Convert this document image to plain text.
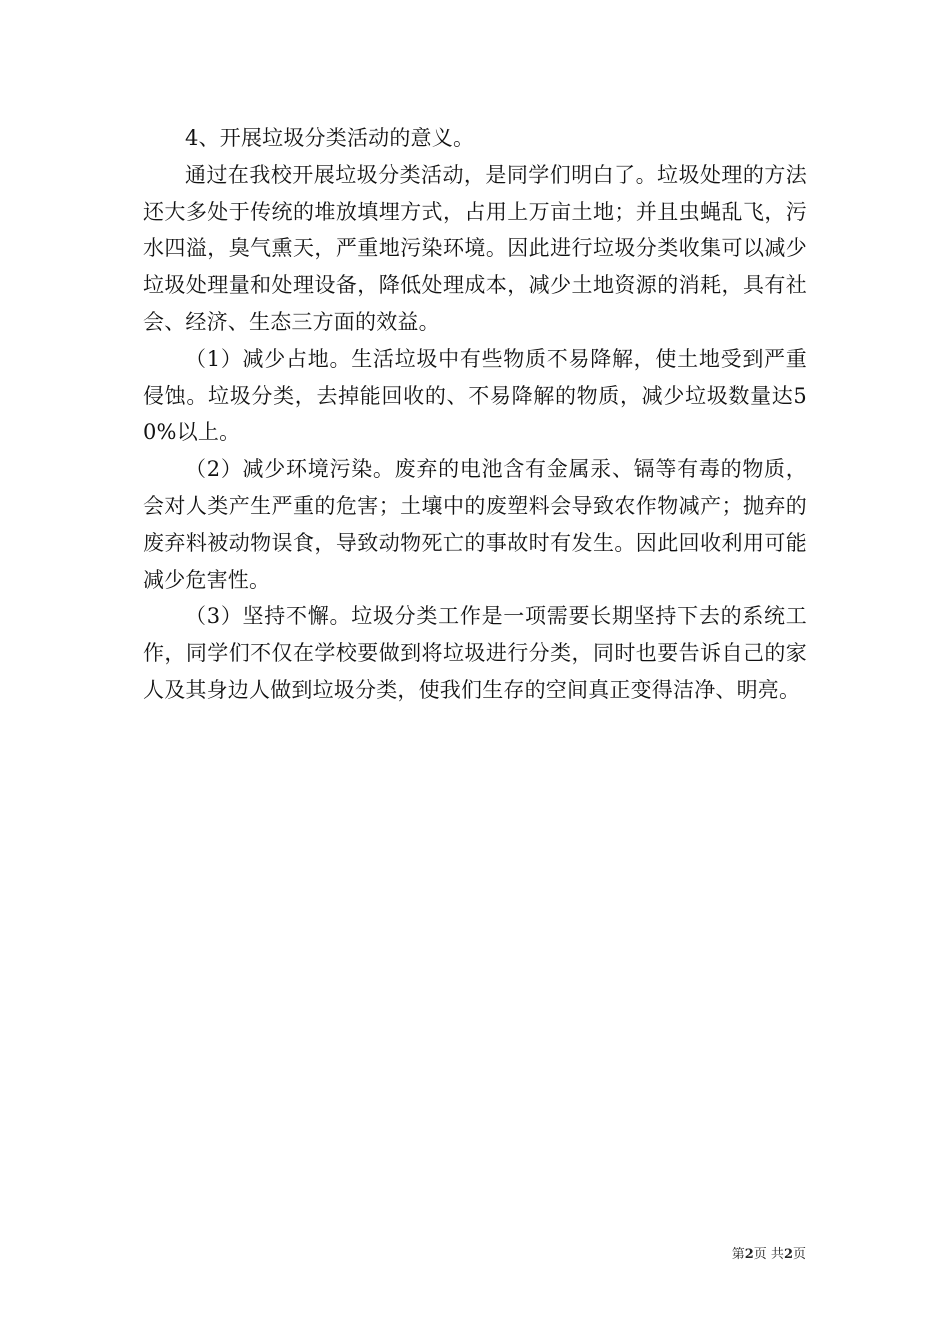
4、开展垃圾分类活动的意义。

通过在我校开展垃圾分类活动，是同学们明白了。垃圾处理的方法还大多处于传统的堆放填埋方式，占用上万亩土地；并且虫蝇乱飞，污水四溢，臭气熏天，严重地污染环境。因此进行垃圾分类收集可以减少垃圾处理量和处理设备，降低处理成本，减少土地资源的消耗，具有社会、经济、生态三方面的效益。

（1）减少占地。生活垃圾中有些物质不易降解，使土地受到严重侵蚀。垃圾分类，去掉能回收的、不易降解的物质，减少垃圾数量达50%以上。

（2）减少环境污染。废弃的电池含有金属汞、镉等有毒的物质，会对人类产生严重的危害；土壤中的废塑料会导致农作物减产；抛弃的废弃料被动物误食，导致动物死亡的事故时有发生。因此回收利用可能减少危害性。

（3）坚持不懈。垃圾分类工作是一项需要长期坚持下去的系统工作，同学们不仅在学校要做到将垃圾进行分类，同时也要告诉自己的家人及其身边人做到垃圾分类，使我们生存的空间真正变得洁净、明亮。

第2页 共2页
